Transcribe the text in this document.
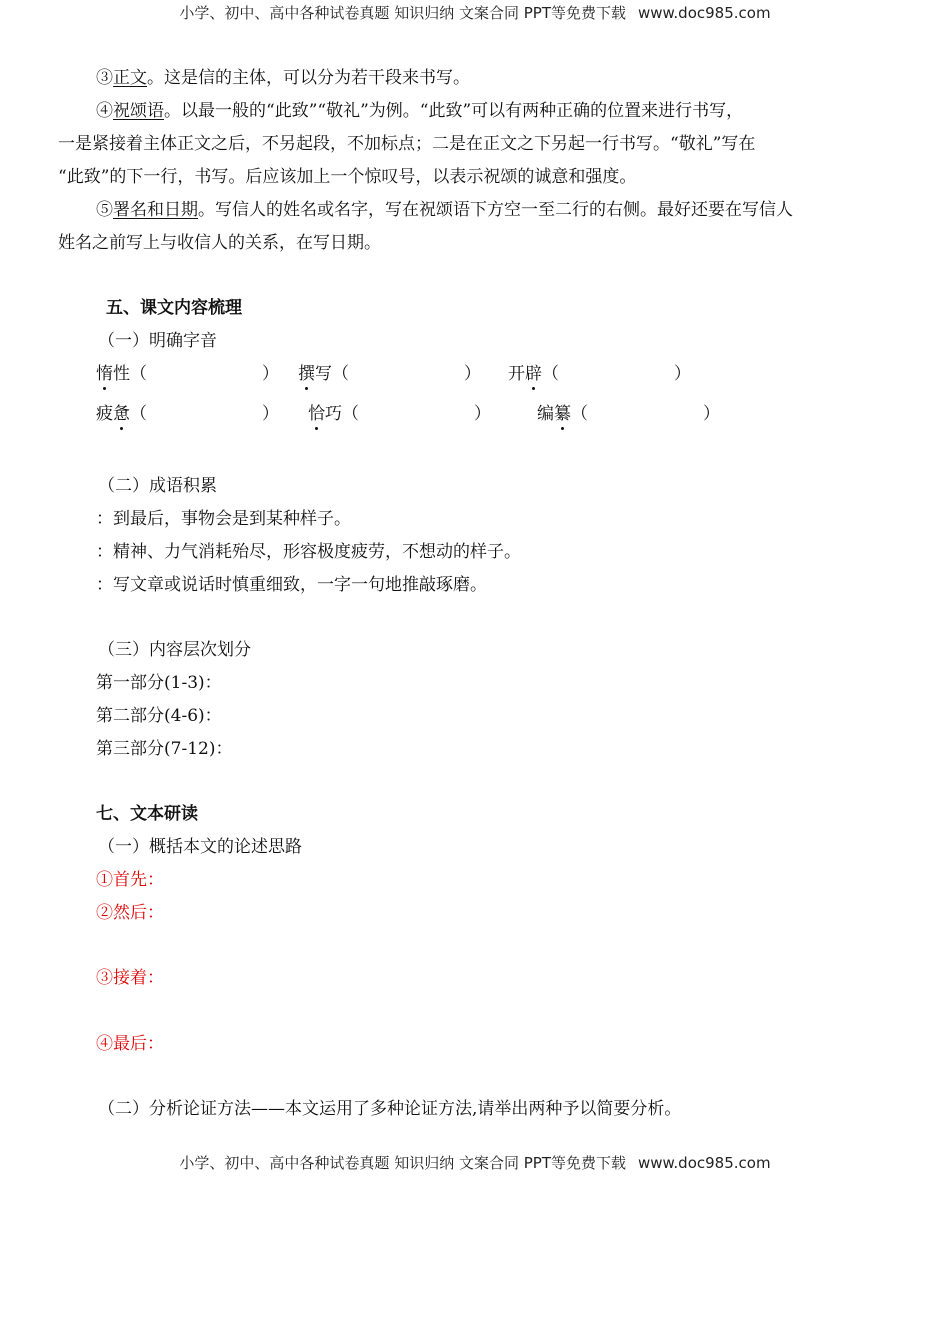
小学、初中、高中各种试卷真题 知识归纳 文案合同 PPT等免费下载 www.doc985.com
③正文。这是信的主体，可以分为若干段来书写。
④祝颂语。以最一般的“此致”“敬礼”为例。“此致”可以有两种正确的位置来进行书写，
一是紧接着主体正文之后，不另起段，不加标点；二是在正文之下另起一行书写。“敬礼”写在
“此致”的下一行，书写。后应该加上一个惊叹号，以表示祝颂的诚意和强度。
⑤署名和日期。写信人的姓名或名字，写在祝颂语下方空一至二行的右侧。最好还要在写信人
姓名之前写上与收信人的关系，在写日期。
五、课文内容梳理
（一）明确字音
惰性（	） 撰写（	） 开辟（	）
疲惫（	） 恰巧（	）	编纂（	）
（二）成语积累
：到最后，事物会是到某种样子。
：精神、力气消耗殆尽，形容极度疲劳，不想动的样子。
：写文章或说话时慎重细致，一字一句地推敲琢磨。
（三）内容层次划分
第一部分(1-3)：
第二部分(4-6)：
第三部分(7-12)：
七、文本研读
（一）概括本文的论述思路
①首先：
②然后：
③接着：
④最后：
（二）分析论证方法——本文运用了多种论证方法,请举出两种予以简要分析。
小学、初中、高中各种试卷真题 知识归纳 文案合同 PPT等免费下载 www.doc985.com
